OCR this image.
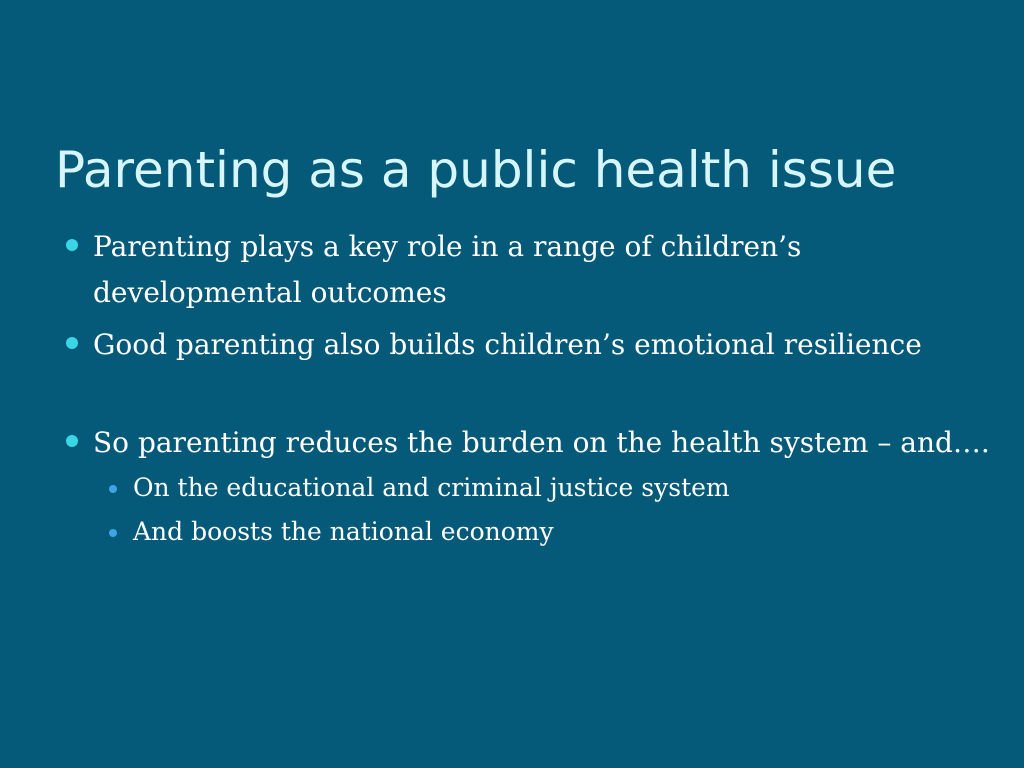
Parenting as a public health issue

Parenting plays a key role in a range of children’s developmental outcomes

Good parenting also builds children’s emotional resilience

So parenting reduces the burden on the health system – and….

On the educational and criminal justice system

And boosts the national economy
